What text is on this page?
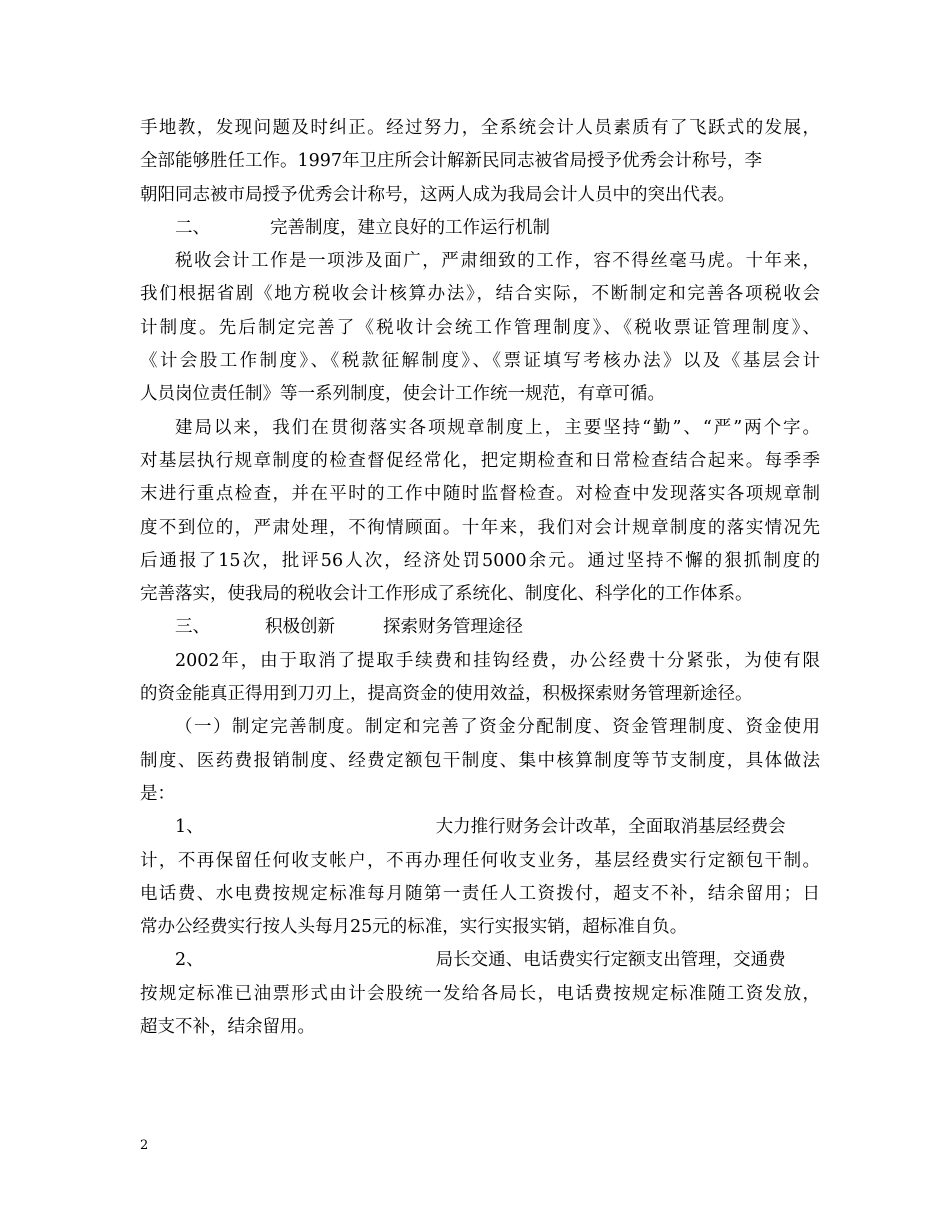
手地教，发现问题及时纠正。经过努力，全系统会计人员素质有了飞跃式的发展，
全部能够胜任工作。1997年卫庄所会计解新民同志被省局授予优秀会计称号，李
朝阳同志被市局授予优秀会计称号，这两人成为我局会计人员中的突出代表。
二、	完善制度，建立良好的工作运行机制
税收会计工作是一项涉及面广，严肃细致的工作，容不得丝毫马虎。十年来，
我们根据省剧《地方税收会计核算办法》，结合实际，不断制定和完善各项税收会
计制度。先后制定完善了《税收计会统工作管理制度》、《税收票证管理制度》、
《计会股工作制度》、《税款征解制度》、《票证填写考核办法》以及《基层会计
人员岗位责任制》等一系列制度，使会计工作统一规范，有章可循。
建局以来，我们在贯彻落实各项规章制度上，主要坚持“勤”、“严”两个字。
对基层执行规章制度的检查督促经常化，把定期检查和日常检查结合起来。每季季
末进行重点检查，并在平时的工作中随时监督检查。对检查中发现落实各项规章制
度不到位的，严肃处理，不徇情顾面。十年来，我们对会计规章制度的落实情况先
后通报了15次，批评56人次，经济处罚5000余元。通过坚持不懈的狠抓制度的
完善落实，使我局的税收会计工作形成了系统化、制度化、科学化的工作体系。
三、	积极创新	探索财务管理途径
2002年，由于取消了提取手续费和挂钩经费，办公经费十分紧张，为使有限
的资金能真正得用到刀刃上，提高资金的使用效益，积极探索财务管理新途径。
（一）制定完善制度。制定和完善了资金分配制度、资金管理制度、资金使用
制度、医药费报销制度、经费定额包干制度、集中核算制度等节支制度，具体做法
是：
1、	大力推行财务会计改革，全面取消基层经费会
计，不再保留任何收支帐户，不再办理任何收支业务，基层经费实行定额包干制。
电话费、水电费按规定标准每月随第一责任人工资拨付，超支不补，结余留用；日
常办公经费实行按人头每月25元的标准，实行实报实销，超标准自负。
2、	局长交通、电话费实行定额支出管理，交通费
按规定标准已油票形式由计会股统一发给各局长，电话费按规定标准随工资发放，
超支不补，结余留用。
2
